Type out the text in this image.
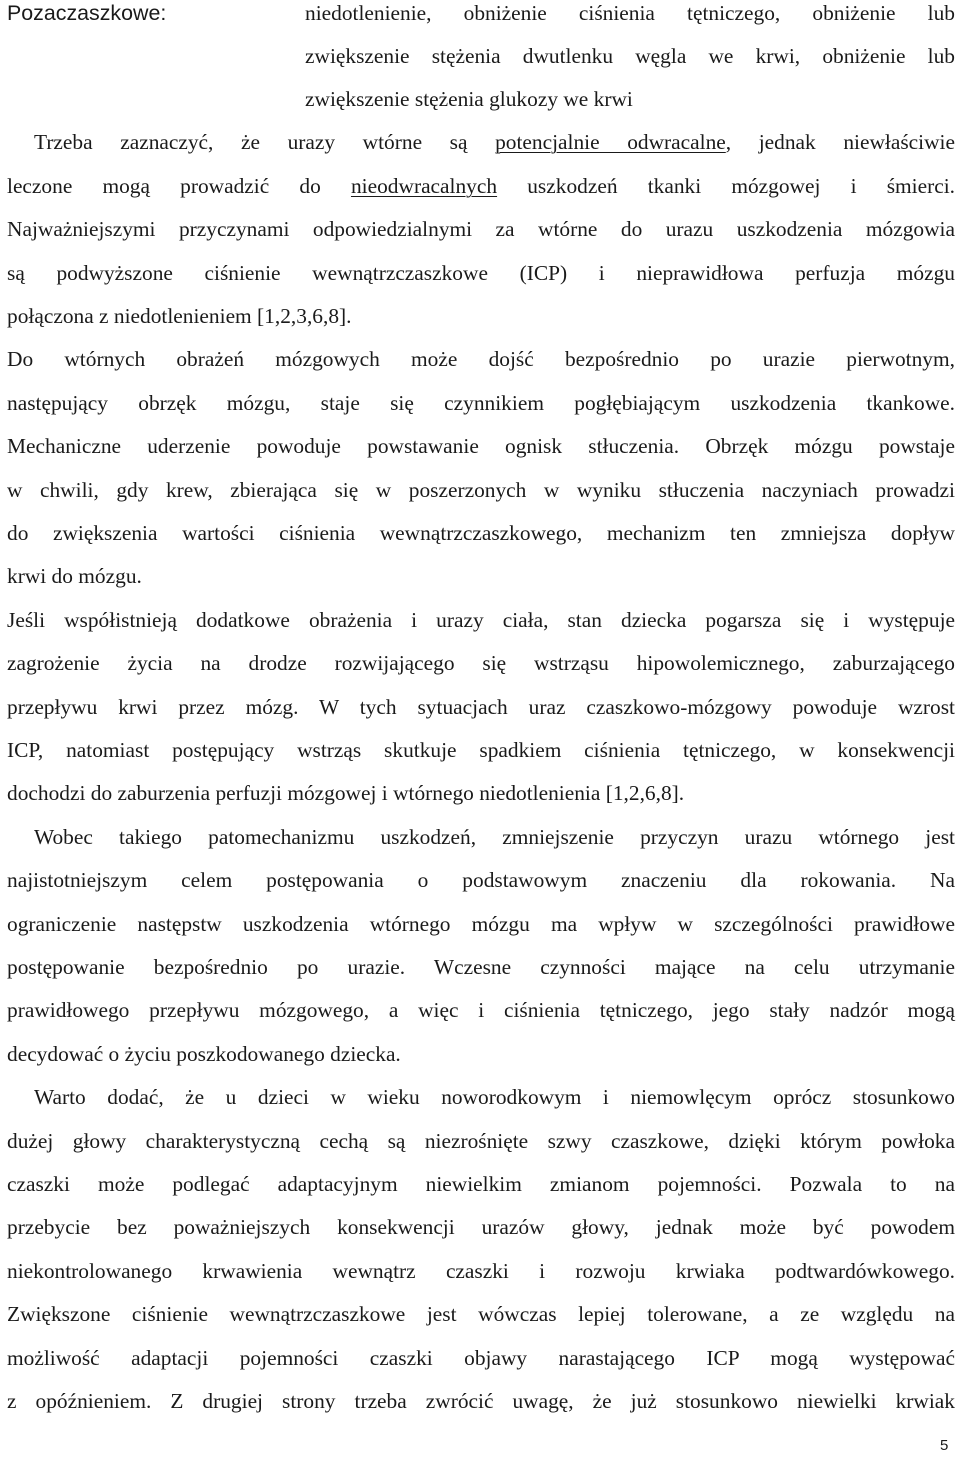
Pozaczaszkowe:	niedotlenienie, obniżenie ciśnienia tętniczego, obniżenie lub
zwiększenie stężenia dwutlenku węgla we krwi, obniżenie lub
zwiększenie stężenia glukozy we krwi
Trzeba zaznaczyć, że urazy wtórne są potencjalnie odwracalne, jednak niewłaściwie
leczone mogą prowadzić do nieodwracalnych uszkodzeń tkanki mózgowej i śmierci.
Najważniejszymi przyczynami odpowiedzialnymi za wtórne do urazu uszkodzenia mózgowia
są podwyższone ciśnienie wewnątrzczaszkowe (ICP) i nieprawidłowa perfuzja mózgu
połączona z niedotlenieniem [1,2,3,6,8].
Do wtórnych obrażeń mózgowych może dojść bezpośrednio po urazie pierwotnym,
następujący obrzęk mózgu, staje się czynnikiem pogłębiającym uszkodzenia tkankowe.
Mechaniczne uderzenie powoduje powstawanie ognisk stłuczenia. Obrzęk mózgu powstaje
w chwili, gdy krew, zbierająca się w poszerzonych w wyniku stłuczenia naczyniach prowadzi
do zwiększenia wartości ciśnienia wewnątrzczaszkowego, mechanizm ten zmniejsza dopływ
krwi do mózgu.
Jeśli współistnieją dodatkowe obrażenia i urazy ciała, stan dziecka pogarsza się i występuje
zagrożenie życia na drodze rozwijającego się wstrząsu hipowolemicznego, zaburzającego
przepływu krwi przez mózg. W tych sytuacjach uraz czaszkowo-mózgowy powoduje wzrost
ICP, natomiast postępujący wstrząs skutkuje spadkiem ciśnienia tętniczego, w konsekwencji
dochodzi do zaburzenia perfuzji mózgowej i wtórnego niedotlenienia [1,2,6,8].
Wobec takiego patomechanizmu uszkodzeń, zmniejszenie przyczyn urazu wtórnego jest
najistotniejszym celem postępowania o podstawowym znaczeniu dla rokowania. Na
ograniczenie następstw uszkodzenia wtórnego mózgu ma wpływ w szczególności prawidłowe
postępowanie bezpośrednio po urazie. Wczesne czynności mające na celu utrzymanie
prawidłowego przepływu mózgowego, a więc i ciśnienia tętniczego, jego stały nadzór mogą
decydować o życiu poszkodowanego dziecka.
Warto dodać, że u dzieci w wieku noworodkowym i niemowlęcym oprócz stosunkowo
dużej głowy charakterystyczną cechą są niezrośnięte szwy czaszkowe, dzięki którym powłoka
czaszki może podlegać adaptacyjnym niewielkim zmianom pojemności. Pozwala to na
przebycie bez poważniejszych konsekwencji urazów głowy, jednak może być powodem
niekontrolowanego krwawienia wewnątrz czaszki i rozwoju krwiaka podtwardówkowego.
Zwiększone ciśnienie wewnątrzczaszkowe jest wówczas lepiej tolerowane, a ze względu na
możliwość adaptacji pojemności czaszki objawy narastającego ICP mogą występować
z opóźnieniem. Z drugiej strony trzeba zwrócić uwagę, że już stosunkowo niewielki krwiak
5
